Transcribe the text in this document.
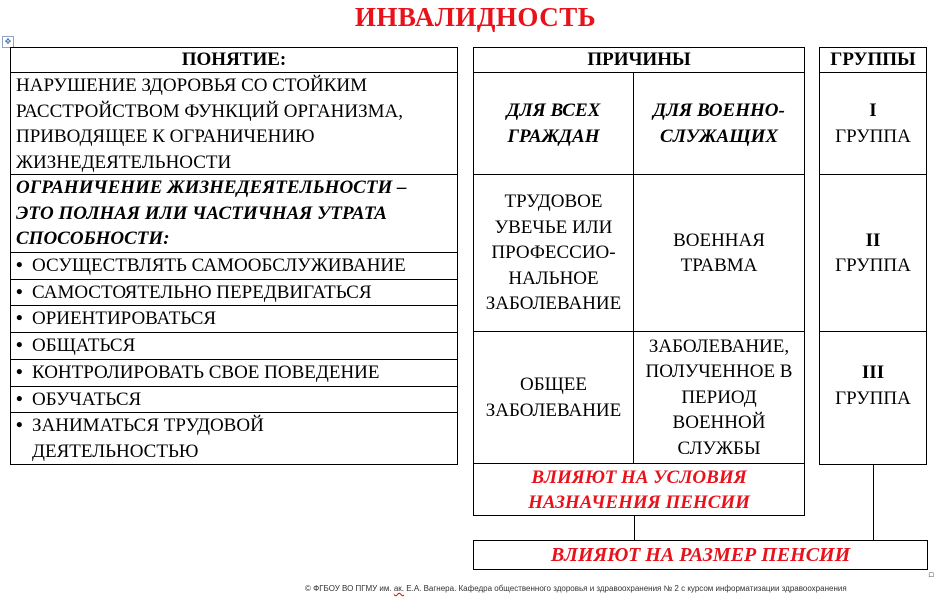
ИНВАЛИДНОСТЬ
✥
ПОНЯТИЕ:
НАРУШЕНИЕ ЗДОРОВЬЯ СО СТОЙКИМ
РАССТРОЙСТВОМ ФУНКЦИЙ ОРГАНИЗМА,
ПРИВОДЯЩЕЕ К ОГРАНИЧЕНИЮ
ЖИЗНЕДЕЯТЕЛЬНОСТИ
ОГРАНИЧЕНИЕ ЖИЗНЕДЕЯТЕЛЬНОСТИ –
ЭТО ПОЛНАЯ ИЛИ ЧАСТИЧНАЯ УТРАТА
СПОСОБНОСТИ:
• ОСУЩЕСТВЛЯТЬ САМООБСЛУЖИВАНИЕ
• САМОСТОЯТЕЛЬНО ПЕРЕДВИГАТЬСЯ
• ОРИЕНТИРОВАТЬСЯ
• ОБЩАТЬСЯ
• КОНТРОЛИРОВАТЬ СВОЕ ПОВЕДЕНИЕ
• ОБУЧАТЬСЯ
• ЗАНИМАТЬСЯ ТРУДОВОЙ
ДЕЯТЕЛЬНОСТЬЮ
ПРИЧИНЫ
ДЛЯ ВСЕХ
ГРАЖДАН
ДЛЯ ВОЕННО-
СЛУЖАЩИХ
ТРУДОВОЕ
УВЕЧЬЕ ИЛИ
ПРОФЕССИО-
НАЛЬНОЕ
ЗАБОЛЕВАНИЕ
ВОЕННАЯ
ТРАВМА
ОБЩЕЕ
ЗАБОЛЕВАНИЕ
ЗАБОЛЕВАНИЕ,
ПОЛУЧЕННОЕ В
ПЕРИОД
ВОЕННОЙ
СЛУЖБЫ
ВЛИЯЮТ НА УСЛОВИЯ
НАЗНАЧЕНИЯ ПЕНСИИ
ГРУППЫ
I
ГРУППА
II
ГРУППА
III
ГРУППА
ВЛИЯЮТ НА РАЗМЕР ПЕНСИИ
© ФГБОУ ВО ПГМУ им. ак. Е.А. Вагнера. Кафедра общественного здоровья и здравоохранения № 2 с курсом информатизации здравоохранения
▫
